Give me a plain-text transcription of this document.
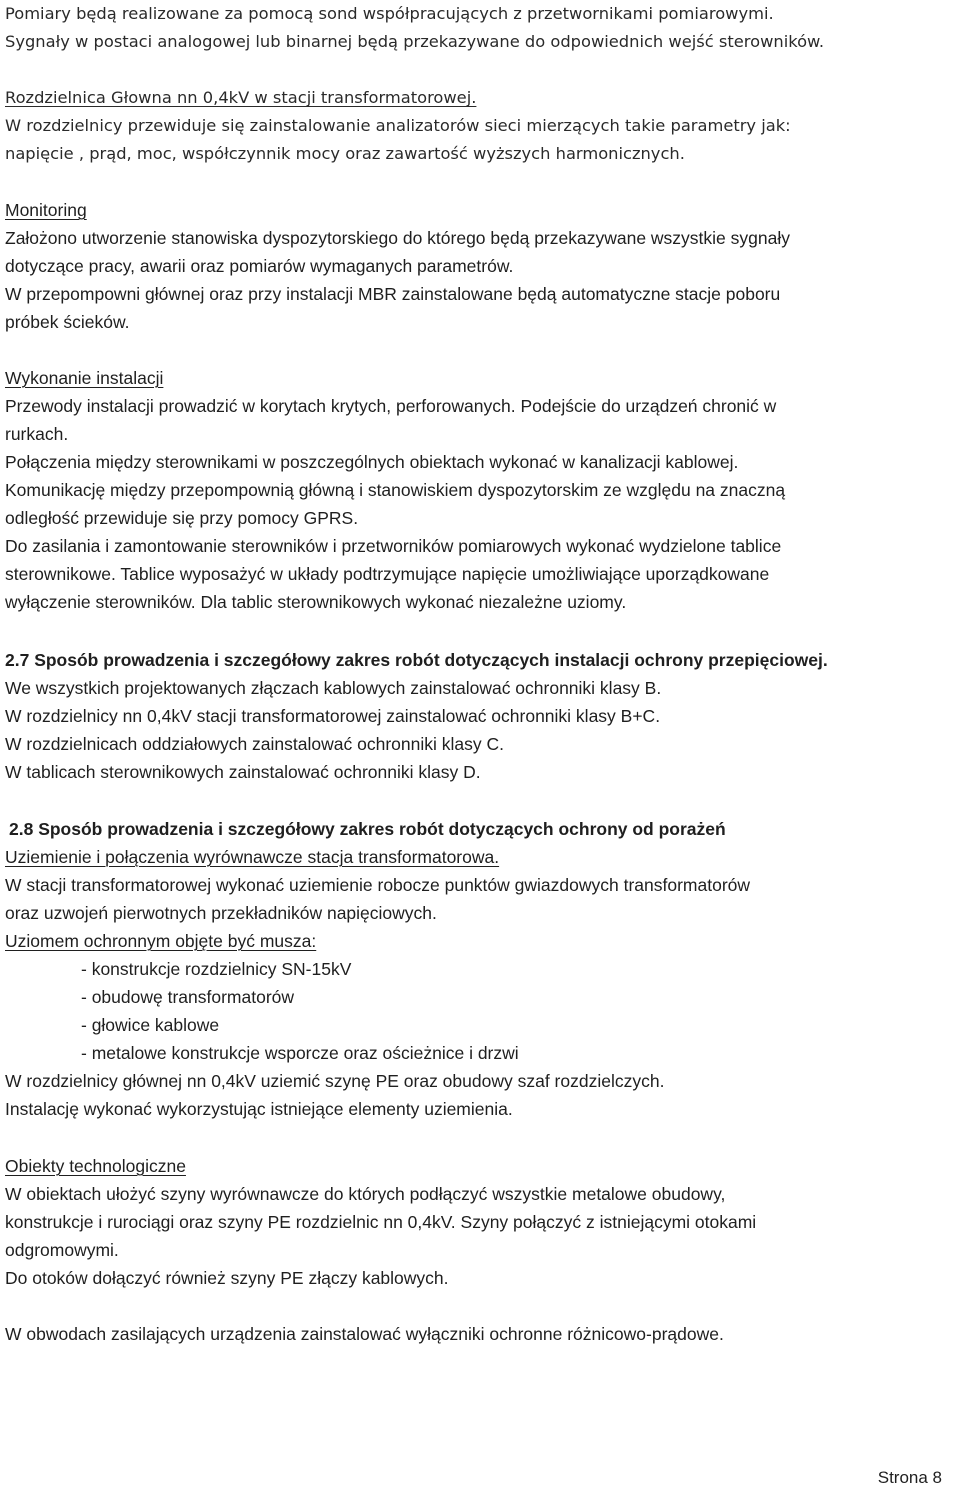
Pomiary będą realizowane za pomocą sond współpracujących z przetwornikami pomiarowymi.
Sygnały w postaci analogowej lub binarnej będą przekazywane do odpowiednich wejść sterowników.
Rozdzielnica Głowna nn 0,4kV w stacji transformatorowej.
W rozdzielnicy przewiduje się zainstalowanie analizatorów sieci mierzących takie parametry jak:
napięcie , prąd, moc, współczynnik mocy oraz zawartość wyższych harmonicznych.
Monitoring
Założono utworzenie stanowiska dyspozytorskiego do którego będą przekazywane wszystkie sygnały
dotyczące pracy, awarii oraz pomiarów wymaganych parametrów.
W przepompowni głównej oraz przy instalacji MBR zainstalowane będą automatyczne stacje poboru
próbek ścieków.
Wykonanie instalacji
Przewody instalacji prowadzić w korytach krytych, perforowanych. Podejście do urządzeń chronić w
rurkach.
Połączenia między sterownikami w poszczególnych obiektach wykonać w kanalizacji kablowej.
Komunikację między przepompownią główną i stanowiskiem dyspozytorskim ze względu na znaczną
odległość przewiduje się przy pomocy GPRS.
Do zasilania i zamontowanie sterowników i przetworników pomiarowych wykonać wydzielone tablice
sterownikowe. Tablice wyposażyć w układy podtrzymujące napięcie umożliwiające uporządkowane
wyłączenie sterowników. Dla tablic sterownikowych wykonać niezależne uziomy.
2.7 Sposób prowadzenia i szczegółowy zakres robót dotyczących instalacji ochrony przepięciowej.
We wszystkich projektowanych złączach kablowych zainstalować ochronniki klasy B.
W rozdzielnicy nn 0,4kV stacji transformatorowej zainstalować ochronniki klasy B+C.
W rozdzielnicach oddziałowych zainstalować ochronniki klasy C.
W tablicach sterownikowych zainstalować ochronniki klasy D.
2.8 Sposób prowadzenia i szczegółowy zakres robót dotyczących ochrony od porażeń
Uziemienie i połączenia wyrównawcze stacja transformatorowa.
W stacji transformatorowej wykonać uziemienie robocze punktów gwiazdowych transformatorów
oraz uzwojeń pierwotnych przekładników napięciowych.
Uziomem ochronnym objęte być musza:
- konstrukcje rozdzielnicy SN-15kV
- obudowę transformatorów
- głowice kablowe
- metalowe konstrukcje wsporcze oraz ościeżnice i drzwi
W rozdzielnicy głównej nn 0,4kV uziemić szynę PE oraz obudowy szaf rozdzielczych.
Instalację wykonać wykorzystując istniejące elementy uziemienia.
Obiekty technologiczne
W obiektach ułożyć szyny wyrównawcze do których podłączyć wszystkie metalowe obudowy,
konstrukcje i rurociągi oraz szyny PE rozdzielnic nn 0,4kV. Szyny połączyć z istniejącymi otokami
odgromowymi.
Do otoków dołączyć również szyny PE złączy kablowych.
W obwodach zasilających urządzenia zainstalować wyłączniki ochronne różnicowo-prądowe.
Strona 8
